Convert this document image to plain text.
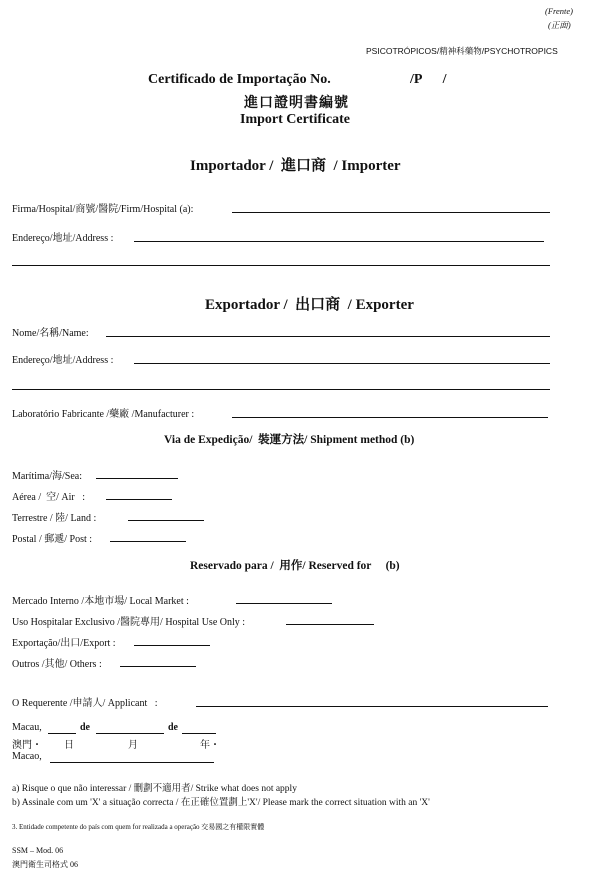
(Frente)
(正面)
PSICOTRÓPICOS/精神科藥物/PSYCHOTROPICS
Certificado de Importação No.	/P      /
進口證明書編號
Import Certificate
Importador /  進口商  / Importer
Firma/Hospital/商號/醫院/Firm/Hospital (a):
Endereço/地址/Address :
Exportador /  出口商  / Exporter
Nome/名稱/Name:
Endereço/地址/Address :
Laboratório Fabricante /藥廠 /Manufacturer :
Via de Expedição/  裝運方法/ Shipment method (b)
Marítima/海/Sea:
Aérea /  空/ Air   :
Terrestre / 陸/ Land :
Postal / 郵遞/ Post :
Reservado para /  用作/ Reserved for     (b)
Mercado Interno /本地市場/ Local Market :
Uso Hospitalar Exclusivo /醫院專用/ Hospital Use Only :
Exportação/出口/Export :
Outros /其他/ Others :
O Requerente /申請人/ Applicant   :
Macau,	de	de
澳門・ 日	月	年・
Macao,
a) Risque o que não interessar / 刪劃不適用者/ Strike what does not apply
b) Assinale com um 'X' a situação correcta / 在正確位置劃上'X'/ Please mark the correct situation with an 'X'
3. Entidade competente do país com quem for realizada a operação 交易國之有權限實體
SSM – Mod. 06
澳門衛生司格式 06
